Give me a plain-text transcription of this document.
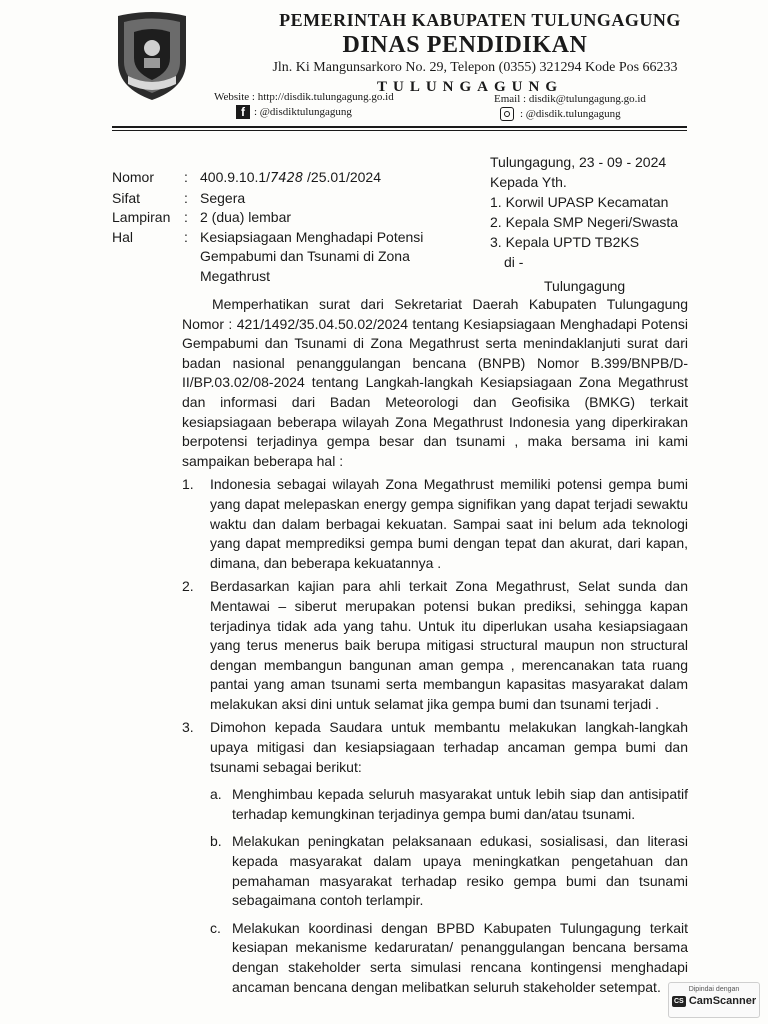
PEMERINTAH KABUPATEN TULUNGAGUNG
DINAS PENDIDIKAN
Jln. Ki Mangunsarkoro No. 29, Telepon (0355) 321294 Kode Pos 66233
TULUNGAGUNG
Website : http://disdik.tulungagung.go.id	Email : disdik@tulungagung.go.id
f : @disdiktulungagung	: @disdik.tulungagung
Nomor	: 400.9.10.1/7428 /25.01/2024
Sifat	: Segera
Lampiran : 2 (dua) lembar
Hal	: Kesiapsiagaan Menghadapi Potensi Gempabumi dan Tsunami di Zona Megathrust
Tulungagung, 23 - 09 - 2024
Kepada Yth.
1. Korwil UPASP Kecamatan
2. Kepala SMP Negeri/Swasta
3. Kepala UPTD TB2KS
di -
Tulungagung

Memperhatikan surat dari Sekretariat Daerah Kabupaten Tulungagung Nomor : 421/1492/35.04.50.02/2024 tentang Kesiapsiagaan Menghadapi Potensi Gempabumi dan Tsunami di Zona Megathrust serta menindaklanjuti surat dari badan nasional penanggulangan bencana (BNPB) Nomor B.399/BNPB/D-II/BP.03.02/08-2024 tentang Langkah-langkah Kesiapsiagaan Zona Megathrust dan informasi dari Badan Meteorologi dan Geofisika (BMKG) terkait kesiapsiagaan beberapa wilayah Zona Megathrust Indonesia yang diperkirakan berpotensi terjadinya gempa besar dan tsunami , maka bersama ini kami sampaikan beberapa hal :

1.	Indonesia sebagai wilayah Zona Megathrust memiliki potensi gempa bumi yang dapat melepaskan energy gempa signifikan yang dapat terjadi sewaktu waktu dan dalam berbagai kekuatan. Sampai saat ini belum ada teknologi yang dapat memprediksi gempa bumi dengan tepat dan akurat, dari kapan, dimana, dan beberapa kekuatannya .
2.	Berdasarkan kajian para ahli terkait Zona Megathrust, Selat sunda dan Mentawai – siberut merupakan potensi bukan prediksi, sehingga kapan terjadinya tidak ada yang tahu. Untuk itu diperlukan usaha kesiapsiagaan yang terus menerus baik berupa mitigasi structural maupun non structural dengan membangun bangunan aman gempa , merencanakan tata ruang pantai yang aman tsunami serta membangun kapasitas masyarakat dalam melakukan aksi dini untuk selamat jika gempa bumi dan tsunami terjadi .
3.	Dimohon kepada Saudara untuk membantu melakukan langkah-langkah upaya mitigasi dan kesiapsiagaan terhadap ancaman gempa bumi dan tsunami sebagai berikut:
a. Menghimbau kepada seluruh masyarakat untuk lebih siap dan antisipatif terhadap kemungkinan terjadinya gempa bumi dan/atau tsunami.
b. Melakukan peningkatan pelaksanaan edukasi, sosialisasi, dan literasi kepada masyarakat dalam upaya meningkatkan pengetahuan dan pemahaman masyarakat terhadap resiko gempa bumi dan tsunami sebagaimana contoh terlampir.
c. Melakukan koordinasi dengan BPBD Kabupaten Tulungagung terkait kesiapan mekanisme kedaruratan/ penanggulangan bencana bersama dengan stakeholder serta simulasi rencana kontingensi menghadapi ancaman bencana dengan melibatkan seluruh stakeholder setempat.	Dipindai dengan
CS CamScanner
